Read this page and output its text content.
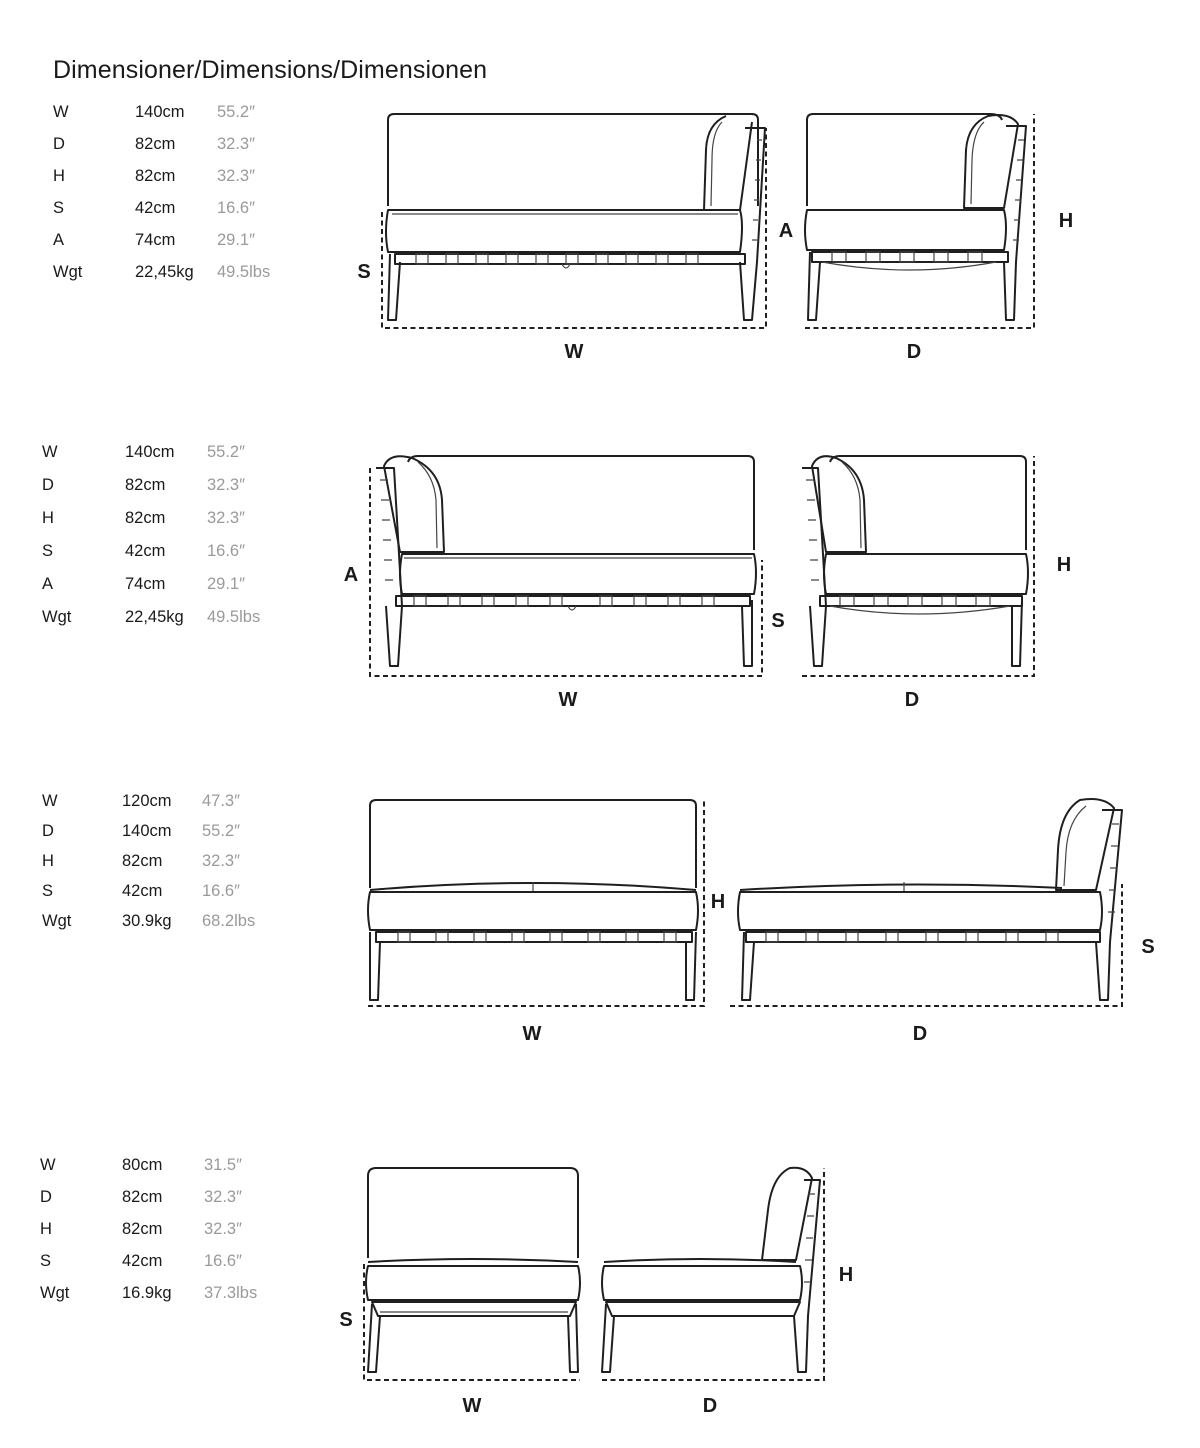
Dimensioner/Dimensions/Dimensionen
W	140cm 55.2″
D	82cm	32.3″
H	82cm	32.3″
S	42cm	16.6″
A	74cm	29.1″
Wgt	22,45kg 49.5lbs
W	140cm 55.2″
D	82cm	32.3″
H	82cm	32.3″
S	42cm	16.6″
A	74cm	29.1″
Wgt	22,45kg 49.5lbs
W	120cm 47.3″
D	140cm 55.2″
H	82cm 32.3″
S	42cm 16.6″
Wgt	30.9kg 68.2lbs
W	80cm	31.5″
D	82cm	32.3″
H	82cm	32.3″
S	42cm	16.6″
Wgt	16.9kg 37.3lbs
W	D
H
S
A
W	D
H
S
A
W	D
H
S
W	D
H
S
